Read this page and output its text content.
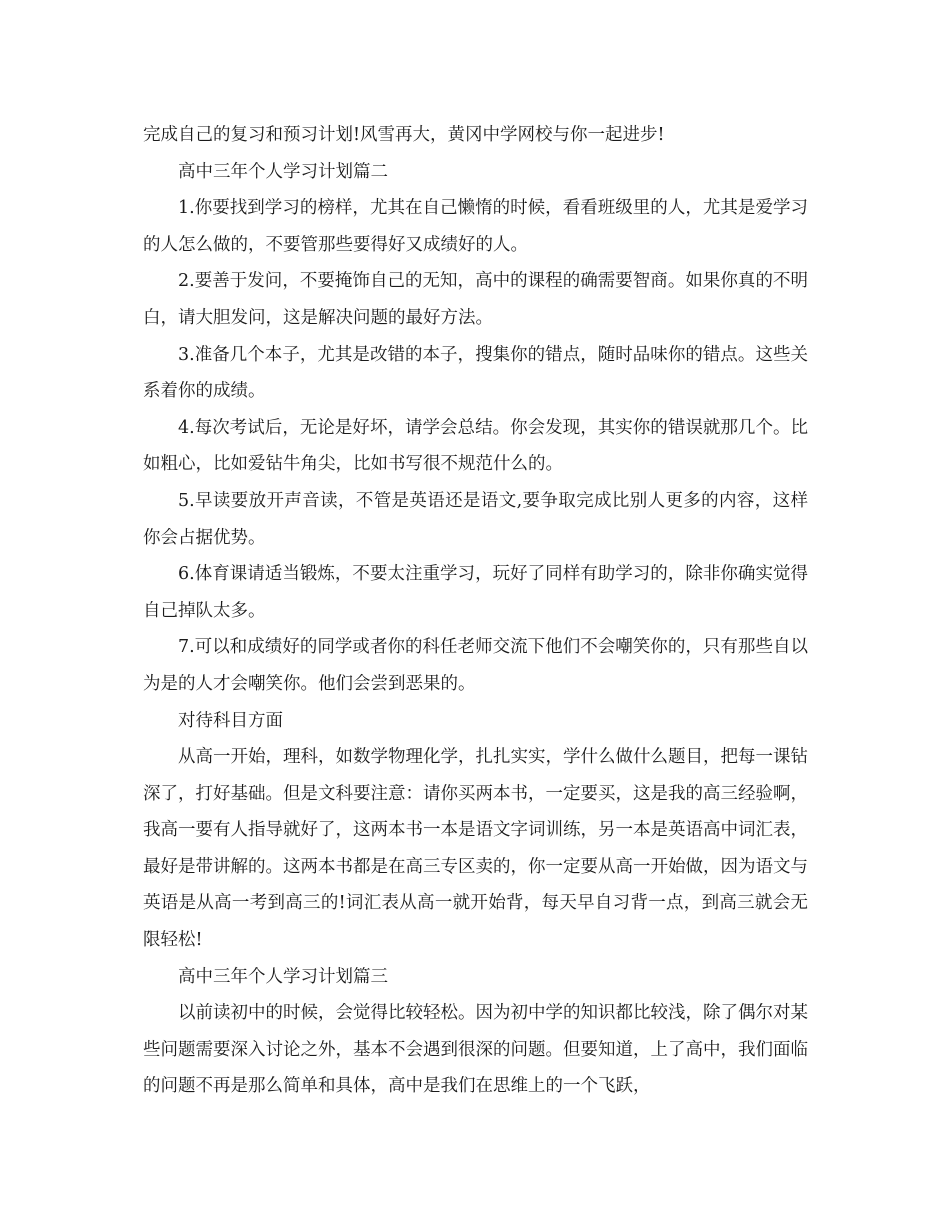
完成自己的复习和预习计划!风雪再大，黄冈中学网校与你一起进步!

高中三年个人学习计划篇二

1.你要找到学习的榜样，尤其在自己懒惰的时候，看看班级里的人，尤其是爱学习的人怎么做的，不要管那些要得好又成绩好的人。

2.要善于发问，不要掩饰自己的无知，高中的课程的确需要智商。如果你真的不明白，请大胆发问，这是解决问题的最好方法。

3.准备几个本子，尤其是改错的本子，搜集你的错点，随时品味你的错点。这些关系着你的成绩。

4.每次考试后，无论是好坏，请学会总结。你会发现，其实你的错误就那几个。比如粗心，比如爱钻牛角尖，比如书写很不规范什么的。

5.早读要放开声音读，不管是英语还是语文,要争取完成比别人更多的内容，这样你会占据优势。

6.体育课请适当锻炼，不要太注重学习，玩好了同样有助学习的，除非你确实觉得自己掉队太多。

7.可以和成绩好的同学或者你的科任老师交流下他们不会嘲笑你的，只有那些自以为是的人才会嘲笑你。他们会尝到恶果的。

对待科目方面

从高一开始，理科，如数学物理化学，扎扎实实，学什么做什么题目，把每一课钻深了，打好基础。但是文科要注意：请你买两本书，一定要买，这是我的高三经验啊，我高一要有人指导就好了，这两本书一本是语文字词训练，另一本是英语高中词汇表，最好是带讲解的。这两本书都是在高三专区卖的，你一定要从高一开始做，因为语文与英语是从高一考到高三的!词汇表从高一就开始背，每天早自习背一点，到高三就会无限轻松!

高中三年个人学习计划篇三

以前读初中的时候，会觉得比较轻松。因为初中学的知识都比较浅，除了偶尔对某些问题需要深入讨论之外，基本不会遇到很深的问题。但要知道，上了高中，我们面临的问题不再是那么简单和具体，高中是我们在思维上的一个飞跃，
